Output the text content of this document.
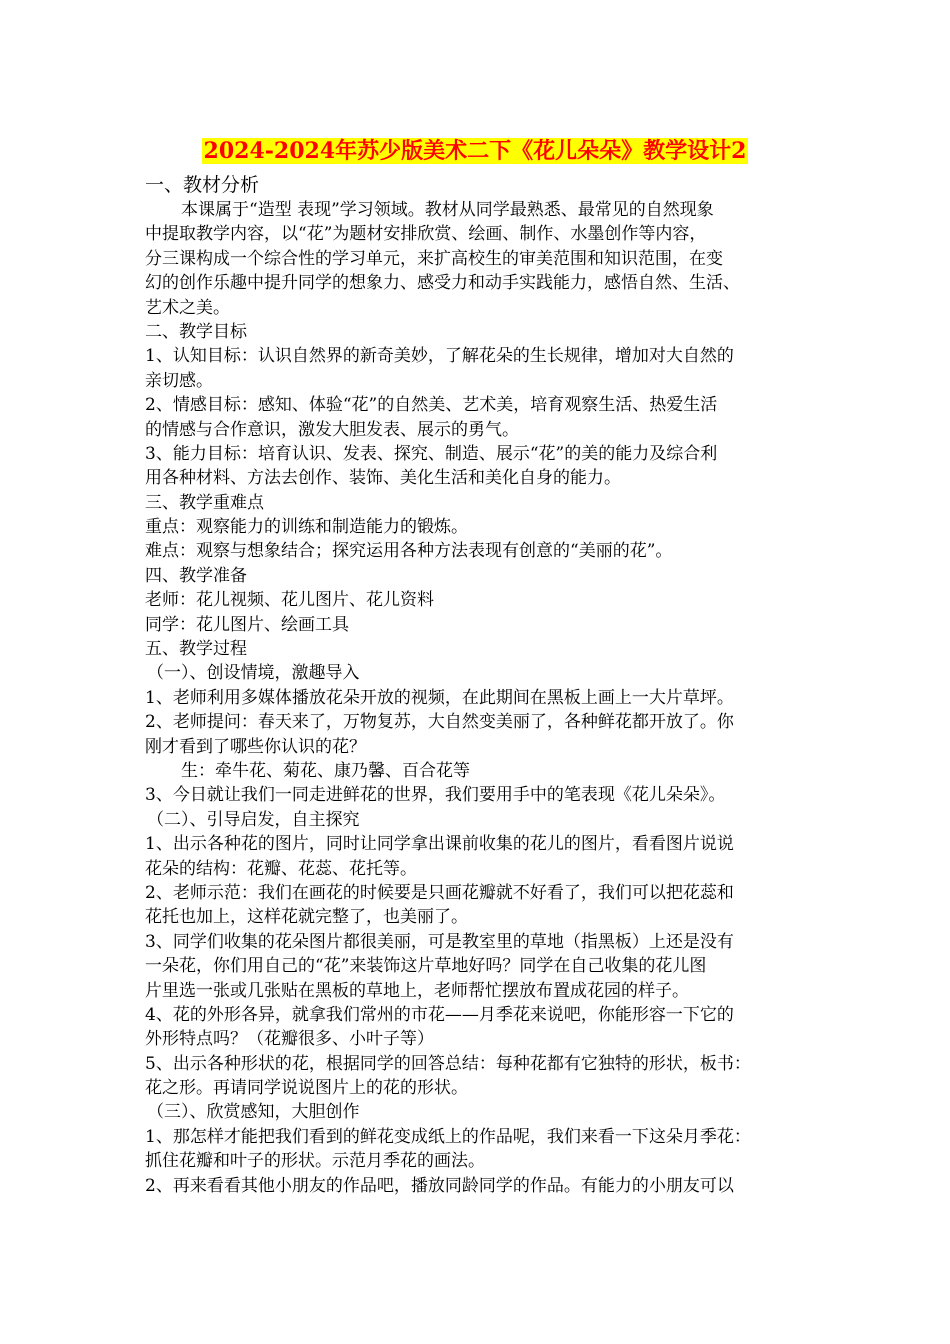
2024-2024年苏少版美术二下《花儿朵朵》教学设计2
一、教材分析
本课属于“造型 表现”学习领域。教材从同学最熟悉、最常见的自然现象
中提取教学内容，以“花”为题材安排欣赏、绘画、制作、水墨创作等内容，
分三课构成一个综合性的学习单元，来扩高校生的审美范围和知识范围，在变
幻的创作乐趣中提升同学的想象力、感受力和动手实践能力，感悟自然、生活、
艺术之美。
二、教学目标
1、认知目标：认识自然界的新奇美妙，了解花朵的生长规律，增加对大自然的
亲切感。
2、情感目标：感知、体验“花”的自然美、艺术美，培育观察生活、热爱生活
的情感与合作意识，激发大胆发表、展示的勇气。
3、能力目标：培育认识、发表、探究、制造、展示“花”的美的能力及综合利
用各种材料、方法去创作、装饰、美化生活和美化自身的能力。
三、教学重难点
重点：观察能力的训练和制造能力的锻炼。
难点：观察与想象结合；探究运用各种方法表现有创意的“美丽的花”。
四、教学准备
老师：花儿视频、花儿图片、花儿资料
同学：花儿图片、绘画工具
五、教学过程
（一）、创设情境，激趣导入
1、老师利用多媒体播放花朵开放的视频，在此期间在黑板上画上一大片草坪。
2、老师提问：春天来了，万物复苏，大自然变美丽了，各种鲜花都开放了。你
刚才看到了哪些你认识的花？
生：牵牛花、菊花、康乃馨、百合花等
3、今日就让我们一同走进鲜花的世界，我们要用手中的笔表现《花儿朵朵》。
（二）、引导启发，自主探究
1、出示各种花的图片，同时让同学拿出课前收集的花儿的图片，看看图片说说
花朵的结构：花瓣、花蕊、花托等。
2、老师示范：我们在画花的时候要是只画花瓣就不好看了，我们可以把花蕊和
花托也加上，这样花就完整了，也美丽了。
3、同学们收集的花朵图片都很美丽，可是教室里的草地（指黑板）上还是没有
一朵花，你们用自己的“花”来装饰这片草地好吗？同学在自己收集的花儿图
片里选一张或几张贴在黑板的草地上，老师帮忙摆放布置成花园的样子。
4、花的外形各异，就拿我们常州的市花——月季花来说吧，你能形容一下它的
外形特点吗？（花瓣很多、小叶子等）
5、出示各种形状的花，根据同学的回答总结：每种花都有它独特的形状，板书：
花之形。再请同学说说图片上的花的形状。
（三）、欣赏感知，大胆创作
1、那怎样才能把我们看到的鲜花变成纸上的作品呢，我们来看一下这朵月季花：
抓住花瓣和叶子的形状。示范月季花的画法。
2、再来看看其他小朋友的作品吧，播放同龄同学的作品。有能力的小朋友可以
